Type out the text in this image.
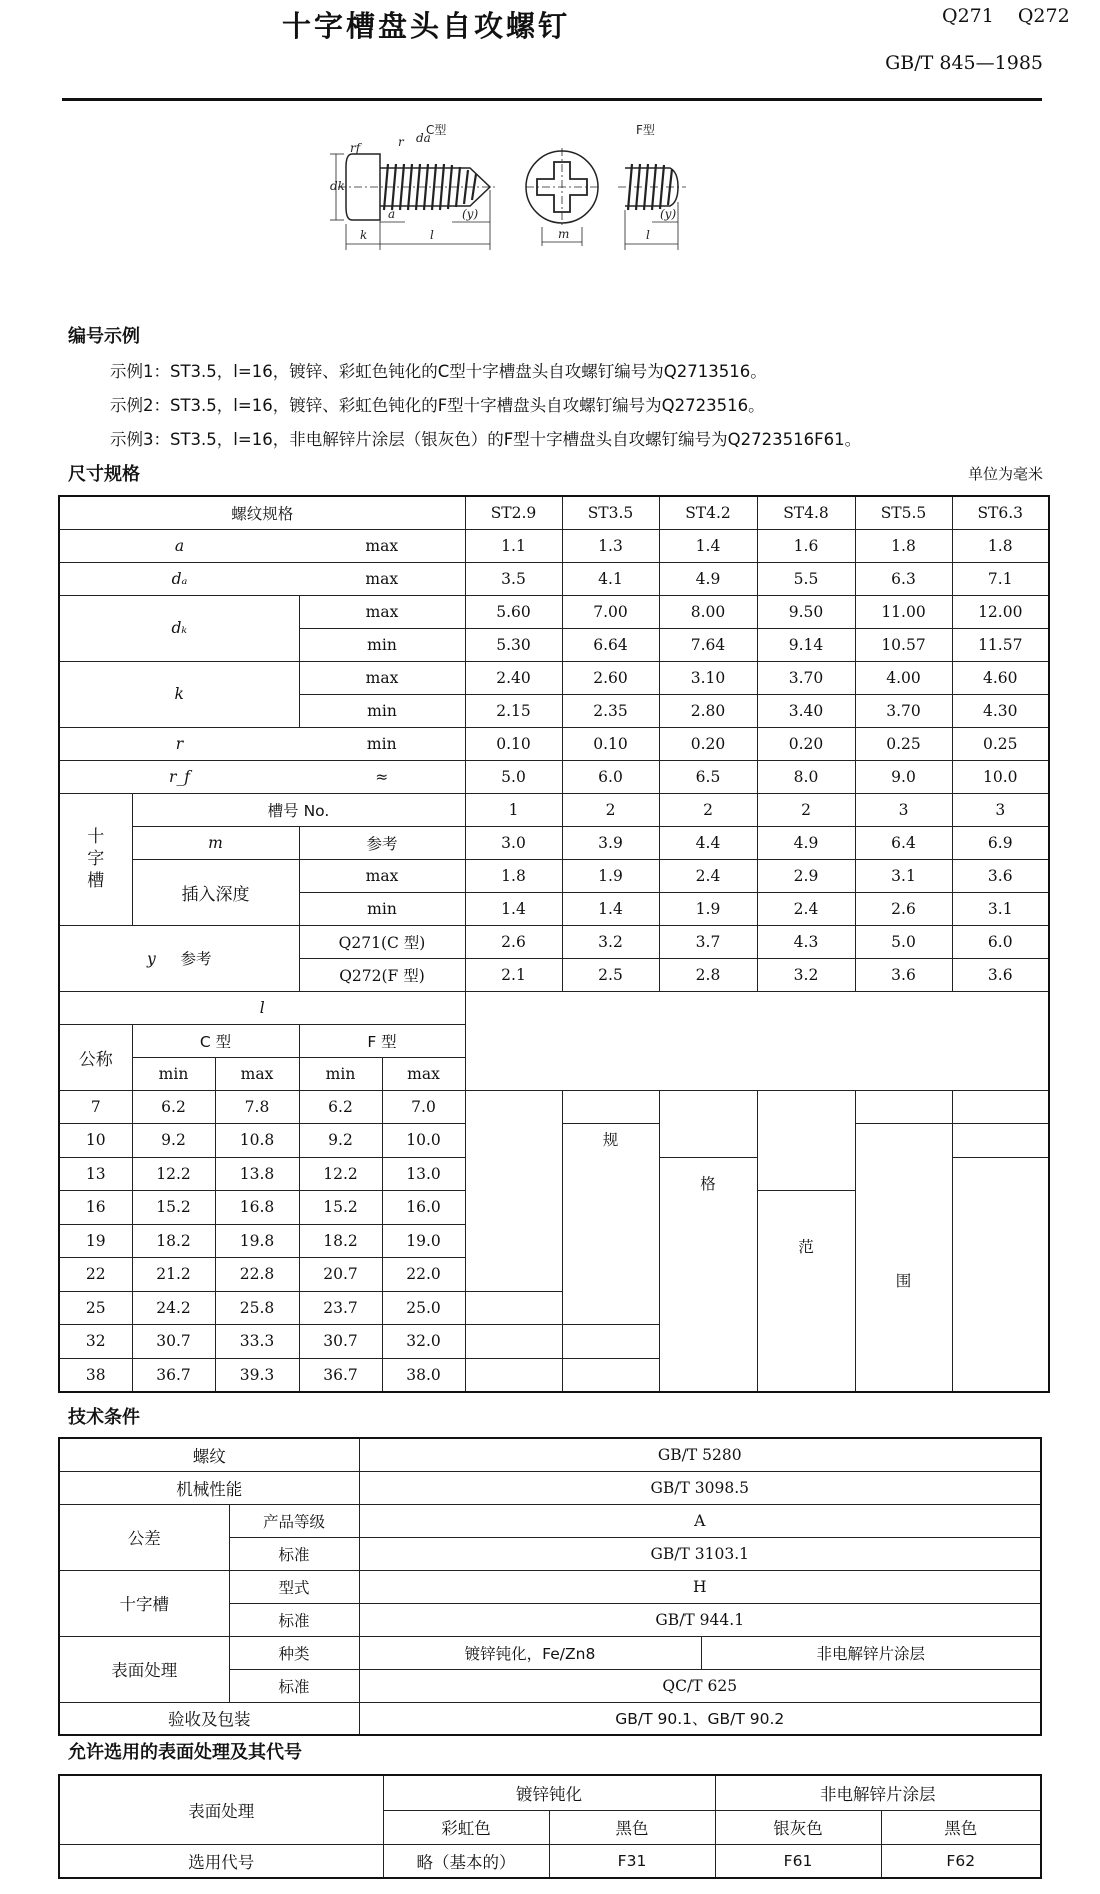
十字槽盘头自攻螺钉	Q271 Q272
GB/T 845—1985
C型	F型
k	l
a	(y)
m
dk
da
r
rf
(y)
l
编号示例
示例1：ST3.5，l=16，镀锌、彩虹色钝化的C型十字槽盘头自攻螺钉编号为Q2713516。
示例2：ST3.5，l=16，镀锌、彩虹色钝化的F型十字槽盘头自攻螺钉编号为Q2723516。
示例3：ST3.5，l=16，非电解锌片涂层（银灰色）的F型十字槽盘头自攻螺钉编号为Q2723516F61。
尺寸规格	单位为毫米
螺纹规格					ST2.9	ST3.5	ST4.2	ST4.8	ST5.5	ST6.3
a			max		1.1	1.3	1.4	1.6	1.8	1.8
dₐ			max		3.5	4.1	4.9	5.5	6.3	7.1
dₖ			max		5.60	7.00	8.00	9.50	11.00	12.00
			min		5.30	6.64	7.64	9.14	10.57	11.57
k			max		2.40	2.60	3.10	3.70	4.00	4.60
			min		2.15	2.35	2.80	3.40	3.70	4.30
r			min		0.10	0.10	0.20	0.20	0.25	0.25
r_f			≈		5.0	6.0	6.5	8.0	9.0	10.0
十字槽	槽号 No.				1	2	2	2	3	3
	m		参考		3.0	3.9	4.4	4.9	6.4	6.9
	插入深度		max		1.8	1.9	2.4	2.9	3.1	3.6
			min		1.4	1.4	1.9	2.4	2.6	3.1
y 参考			Q271(C 型)		2.6	3.2	3.7	4.3	5.0	6.0
			Q272(F 型)		2.1	2.5	2.8	3.2	3.6	3.6
l										
公称	C 型		F 型							
	min	max	min	max						
7	6.2	7.8	6.2	7.0						
10	9.2	10.8	9.2	10.0		规				
13	12.2	13.8	12.2	13.0			格			
16	15.2	16.8	15.2	16.0				范	围	
19	18.2	19.8	18.2	19.0						
22	21.2	22.8	20.7	22.0						
25	24.2	25.8	23.7	25.0						
32	30.7	33.3	30.7	32.0						
38	36.7	39.3	36.7	38.0						
技术条件
螺纹		GB/T 5280	
机械性能		GB/T 3098.5	
公差	产品等级	A	
	标准	GB/T 3103.1	
十字槽	型式	H	
	标准	GB/T 944.1	
表面处理	种类	镀锌钝化，Fe/Zn8	非电解锌片涂层
	标准	QC/T 625	
验收及包装		GB/T 90.1、GB/T 90.2	
允许选用的表面处理及其代号
表面处理	镀锌钝化		非电解锌片涂层	
	彩虹色	黑色	银灰色	黑色
选用代号	略（基本的）	F31	F61	F62
